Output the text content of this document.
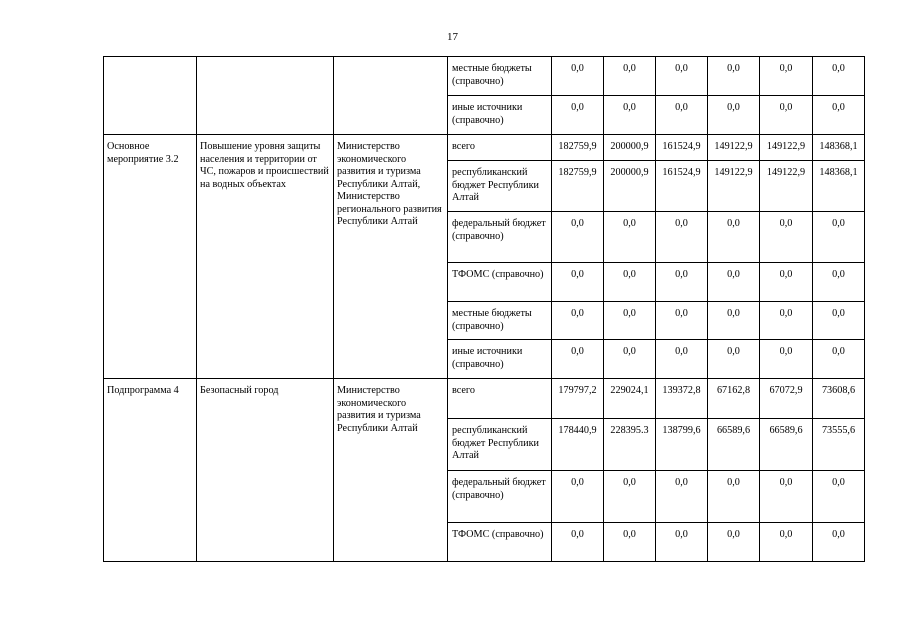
17
			местные бюджеты (справочно)	0,0	0,0	0,0	0,0	0,0	0,0
			иные источники (справочно)	0,0	0,0	0,0	0,0	0,0	0,0
Основное мероприятие 3.2	Повышение уровня защиты населения и территории от ЧС, пожаров и происшествий на водных объектах	Министерство экономического развития и туризма Республики Алтай, Министерство регионального развития Республики Алтай	всего	182759,9	200000,9	161524,9	149122,9	149122,9	148368,1
			республиканский бюджет Республики Алтай	182759,9	200000,9	161524,9	149122,9	149122,9	148368,1
			федеральный бюджет (справочно)	0,0	0,0	0,0	0,0	0,0	0,0
			ТФОМС (справочно)	0,0	0,0	0,0	0,0	0,0	0,0
			местные бюджеты (справочно)	0,0	0,0	0,0	0,0	0,0	0,0
			иные источники (справочно)	0,0	0,0	0,0	0,0	0,0	0,0
Подпрограмма 4	Безопасный город	Министерство экономического развития и туризма Республики Алтай	всего	179797,2	229024,1	139372,8	67162,8	67072,9	73608,6
			республиканский бюджет Республики Алтай	178440,9	228395.3	138799,6	66589,6	66589,6	73555,6
			федеральный бюджет (справочно)	0,0	0,0	0,0	0,0	0,0	0,0
			ТФОМС (справочно)	0,0	0,0	0,0	0,0	0,0	0,0
